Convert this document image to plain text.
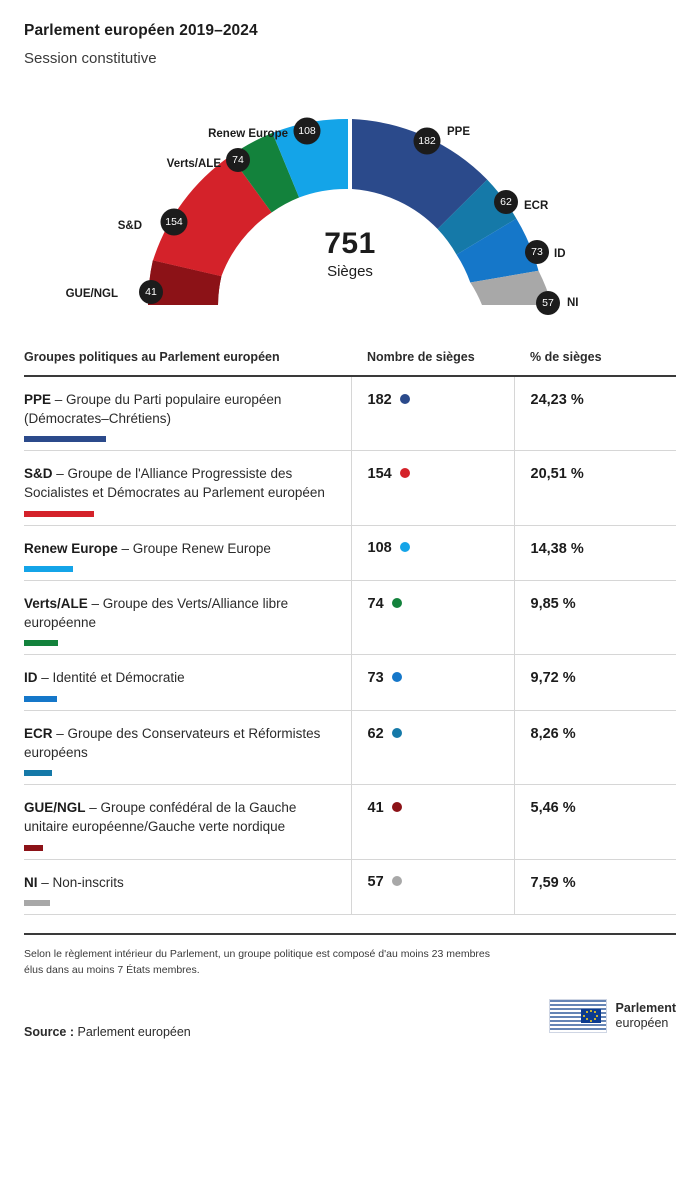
Parlement européen 2019–2024
Session constitutive
41
154
74
108
182
62
73
57
GUE/NGL
S&D
Verts/ALE
Renew Europe	PPE
ECR
ID
NI
751
Sièges
Groupes politiques au Parlement européen	Nombre de sièges	% de sièges

PPE – Groupe du Parti populaire européen (Démocrates–Chrétiens)	182	24,23 %

S&D – Groupe de l'Alliance Progressiste des Socialistes et Démocrates au Parlement européen	154	20,51 %

Renew Europe – Groupe Renew Europe	108	14,38 %

Verts/ALE – Groupe des Verts/Alliance libre européenne	74	9,85 %

ID – Identité et Démocratie	73	9,72 %

ECR – Groupe des Conservateurs et Réformistes européens	62	8,26 %

GUE/NGL – Groupe confédéral de la Gauche unitaire européenne/Gauche verte nordique	41	5,46 %

NI – Non-inscrits	57	7,59 %
Selon le règlement intérieur du Parlement, un groupe politique est composé d'au moins 23 membres élus dans au moins 7 États membres.
Source : Parlement européen
Parlement
européen
